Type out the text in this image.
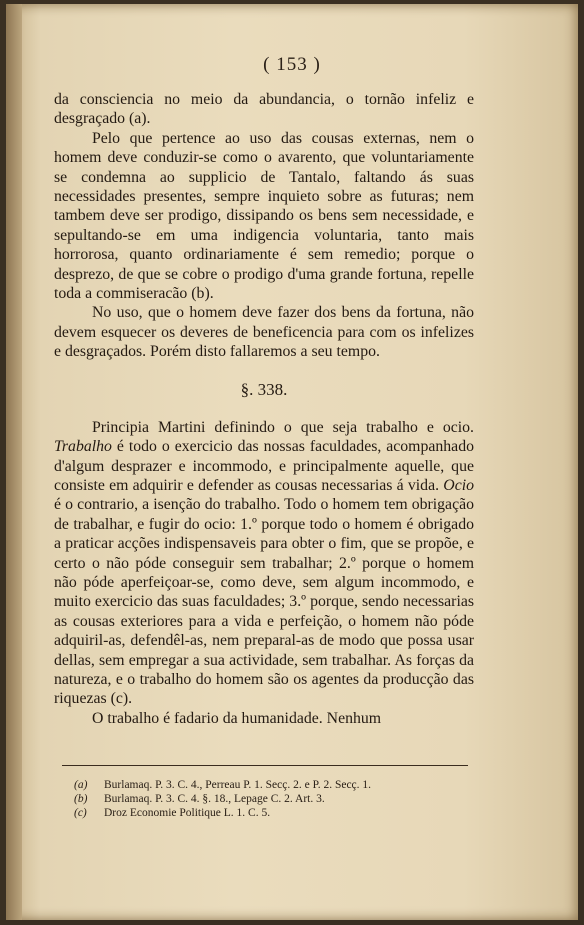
( 153 )

da consciencia no meio da abundancia, o tornão infeliz e desgraçado (a).

Pelo que pertence ao uso das cousas externas, nem o homem deve conduzir-se como o avarento, que voluntariamente se condemna ao supplicio de Tantalo, faltando ás suas necessidades presentes, sempre inquieto sobre as futuras; nem tambem deve ser prodigo, dissipando os bens sem necessidade, e sepultando-se em uma indigencia voluntaria, tanto mais horrorosa, quanto ordinariamente é sem remedio; porque o desprezo, de que se cobre o prodigo d'uma grande fortuna, repelle toda a commiseracão (b).

No uso, que o homem deve fazer dos bens da fortuna, não devem esquecer os deveres de beneficencia para com os infelizes e desgraçados. Porém disto fallaremos a seu tempo.

§. 338.

Principia Martini definindo o que seja trabalho e ocio. Trabalho é todo o exercicio das nossas faculdades, acompanhado d'algum desprazer e incommodo, e principalmente aquelle, que consiste em adquirir e defender as cousas necessarias á vida. Ocio é o contrario, a isenção do trabalho. Todo o homem tem obrigação de trabalhar, e fugir do ocio: 1.º porque todo o homem é obrigado a praticar acções indispensaveis para obter o fim, que se propõe, e certo o não póde conseguir sem trabalhar; 2.º porque o homem não póde aperfeiçoar-se, como deve, sem algum incommodo, e muito exercicio das suas faculdades; 3.º porque, sendo necessarias as cousas exteriores para a vida e perfeição, o homem não póde adquiril-as, defendêl-as, nem preparal-as de modo que possa usar dellas, sem empregar a sua actividade, sem trabalhar. As forças da natureza, e o trabalho do homem são os agentes da producção das riquezas (c).

O trabalho é fadario da humanidade. Nenhum

(a) Burlamaq. P. 3. C. 4., Perreau P. 1. Secç. 2. e P. 2. Secç. 1.
(b) Burlamaq. P. 3. C. 4. §. 18., Lepage C. 2. Art. 3.
(c) Droz Economie Politique L. 1. C. 5.
